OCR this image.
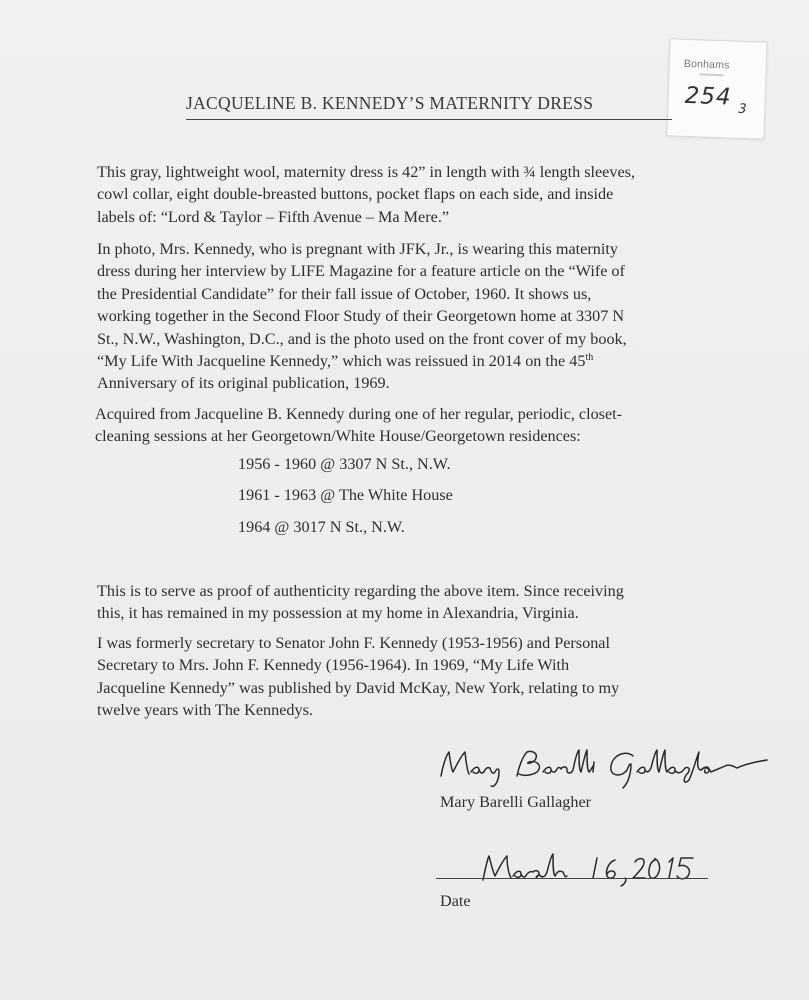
Bonhams
254 3
JACQUELINE B. KENNEDY’S MATERNITY DRESS
This gray, lightweight wool, maternity dress is 42” in length with ¾ length sleeves,
cowl collar, eight double-breasted buttons, pocket flaps on each side, and inside
labels of: “Lord & Taylor – Fifth Avenue – Ma Mere.”
In photo, Mrs. Kennedy, who is pregnant with JFK, Jr., is wearing this maternity
dress during her interview by LIFE Magazine for a feature article on the “Wife of
the Presidential Candidate” for their fall issue of October, 1960. It shows us,
working together in the Second Floor Study of their Georgetown home at 3307 N
St., N.W., Washington, D.C., and is the photo used on the front cover of my book,
“My Life With Jacqueline Kennedy,” which was reissued in 2014 on the 45th
Anniversary of its original publication, 1969.
Acquired from Jacqueline B. Kennedy during one of her regular, periodic, closet-
cleaning sessions at her Georgetown/White House/Georgetown residences:
1956 - 1960 @ 3307 N St., N.W.
1961 - 1963 @ The White House
1964 @ 3017 N St., N.W.
This is to serve as proof of authenticity regarding the above item. Since receiving
this, it has remained in my possession at my home in Alexandria, Virginia.
I was formerly secretary to Senator John F. Kennedy (1953-1956) and Personal
Secretary to Mrs. John F. Kennedy (1956-1964). In 1969, “My Life With
Jacqueline Kennedy” was published by David McKay, New York, relating to my
twelve years with The Kennedys.
Mary Barelli Gallagher
Date
